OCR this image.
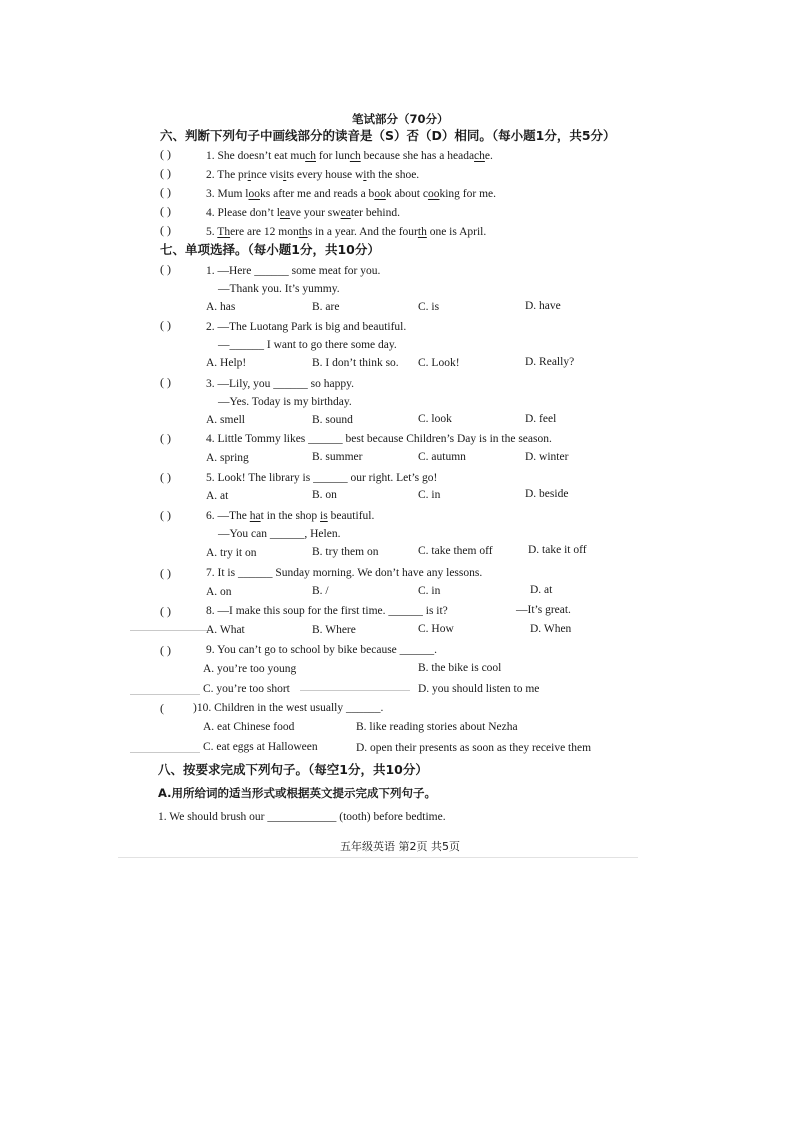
笔试部分（70分）
六、判断下列句子中画线部分的读音是（S）否（D）相同。（每小题1分，共5分）
( )	1. She doesn’t eat much for lunch because she has a headache.
( )	2. The prince visits every house with the shoe.
( )	3. Mum looks after me and reads a book about cooking for me.
( )	4. Please don’t leave your sweater behind.
( )	5. There are 12 months in a year. And the fourth one is April.
七、单项选择。（每小题1分，共10分）
( )	1. —Here ______ some meat for you.
—Thank you. It’s yummy.
A. has	B. are	C. is	D. have
( )	2. —The Luotang Park is big and beautiful.
—______ I want to go there some day.
A. Help!	B. I don’t think so. C. Look!	D. Really?
( )	3. —Lily, you ______ so happy.
—Yes. Today is my birthday.
A. smell	B. sound	C. look	D. feel
( )	4. Little Tommy likes ______ best because Children’s Day is in the season.
A. spring	B. summer	C. autumn	D. winter
( )	5. Look! The library is ______ our right. Let’s go!
A. at	B. on	C. in	D. beside
( )	6. —The hat in the shop is beautiful.
—You can ______, Helen.
A. try it on	B. try them on	C. take them off	D. take it off
( )	7. It is ______ Sunday morning. We don’t have any lessons.
A. on	B. /	C. in	D. at
( )	8. —I make this soup for the first time. ______ is it?	—It’s great.
A. What	B. Where	C. How	D. When
( )	9. You can’t go to school by bike because ______.
A. you’re too young	B. the bike is cool
C. you’re too short	D. you should listen to me
(	)10. Children in the west usually ______.
A. eat Chinese food	B. like reading stories about Nezha
C. eat eggs at Halloween	D. open their presents as soon as they receive them
八、按要求完成下列句子。（每空1分，共10分）
A.用所给词的适当形式或根据英文提示完成下列句子。
1. We should brush our ____________ (tooth) before bedtime.
五年级英语 第2页 共5页
